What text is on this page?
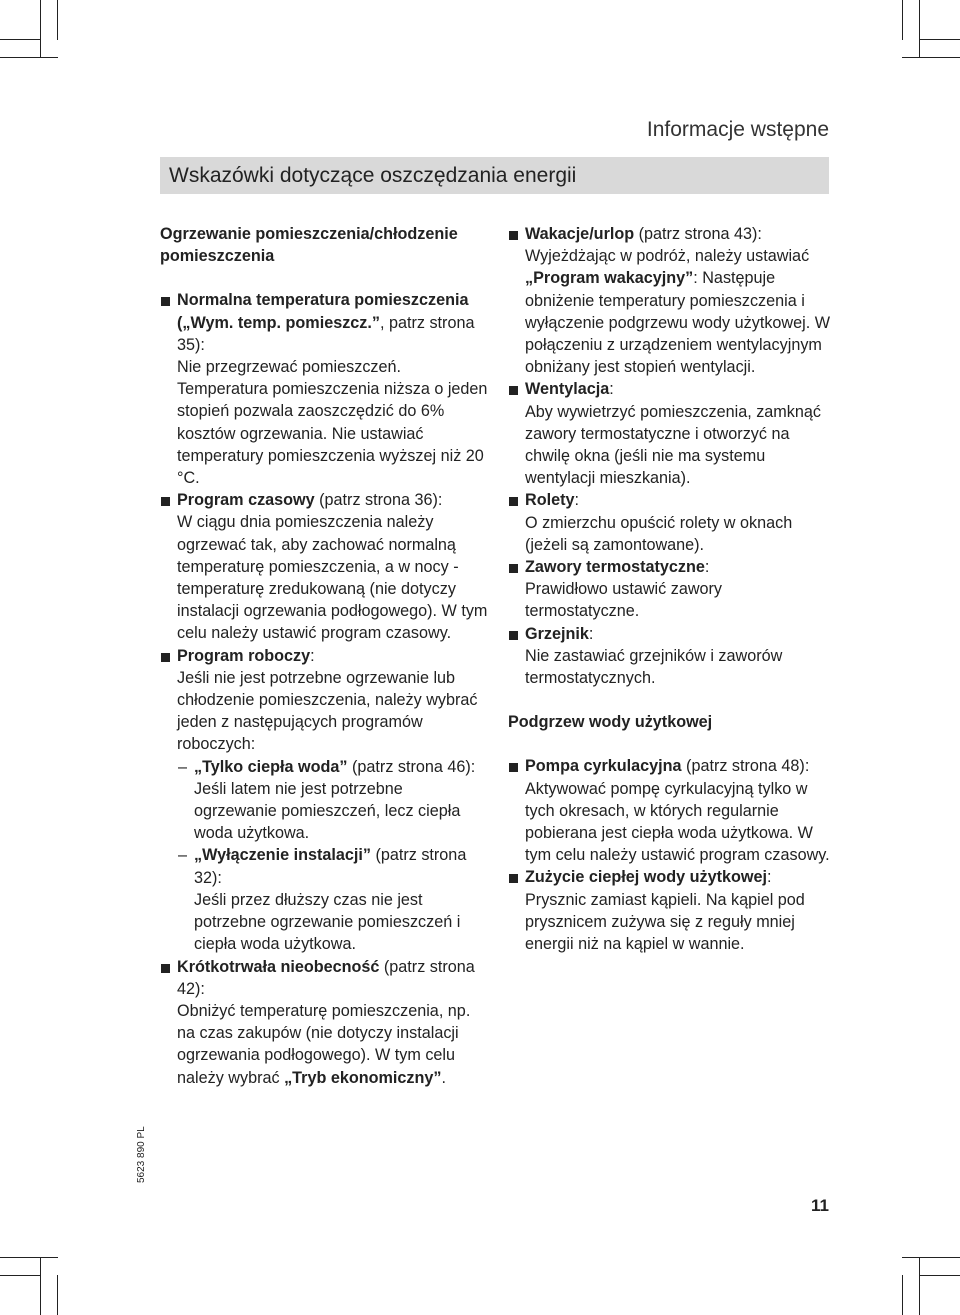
Informacje wstępne
Wskazówki dotyczące oszczędzania energii

Ogrzewanie pomieszczenia/chłodzenie pomieszczenia

Normalna temperatura pomieszczenia („Wym. temp. pomieszcz.”, patrz strona 35):
Nie przegrzewać pomieszczeń. Temperatura pomieszczenia niższa o jeden stopień pozwala zaoszczędzić do 6% kosztów ogrzewania. Nie ustawiać temperatury pomieszczenia wyższej niż 20 °C.
Program czasowy (patrz strona 36):
W ciągu dnia pomieszczenia należy ogrzewać tak, aby zachować normalną temperaturę pomieszczenia, a w nocy - temperaturę zredukowaną (nie dotyczy instalacji ogrzewania podłogowego). W tym celu należy ustawić program czasowy.
Program roboczy:
Jeśli nie jest potrzebne ogrzewanie lub chłodzenie pomieszczenia, należy wybrać jeden z następujących programów roboczych:
– „Tylko ciepła woda” (patrz strona 46):
Jeśli latem nie jest potrzebne ogrzewanie pomieszczeń, lecz ciepła woda użytkowa.
– „Wyłączenie instalacji” (patrz strona 32):
Jeśli przez dłuższy czas nie jest potrzebne ogrzewanie pomieszczeń i ciepła woda użytkowa.
Krótkotrwała nieobecność (patrz strona 42):
Obniżyć temperaturę pomieszczenia, np. na czas zakupów (nie dotyczy instalacji ogrzewania podłogowego). W tym celu należy wybrać „Tryb ekonomiczny”.
Wakacje/urlop (patrz strona 43):
Wyjeżdżając w podróż, należy ustawiać „Program wakacyjny”: Następuje obniżenie temperatury pomieszczenia i wyłączenie podgrzewu wody użytkowej. W połączeniu z urządzeniem wentylacyjnym obniżany jest stopień wentylacji.
Wentylacja:
Aby wywietrzyć pomieszczenia, zamknąć zawory termostatyczne i otworzyć na chwilę okna (jeśli nie ma systemu wentylacji mieszkania).
Rolety:
O zmierzchu opuścić rolety w oknach (jeżeli są zamontowane).
Zawory termostatyczne:
Prawidłowo ustawić zawory termostatyczne.
Grzejnik:
Nie zastawiać grzejników i zaworów termostatycznych.

Podgrzew wody użytkowej

Pompa cyrkulacyjna (patrz strona 48):
Aktywować pompę cyrkulacyjną tylko w tych okresach, w których regularnie pobierana jest ciepła woda użytkowa. W tym celu należy ustawić program czasowy.
Zużycie ciepłej wody użytkowej:
Prysznic zamiast kąpieli. Na kąpiel pod prysznicem zużywa się z reguły mniej energii niż na kąpiel w wannie.
5623 890 PL
11
